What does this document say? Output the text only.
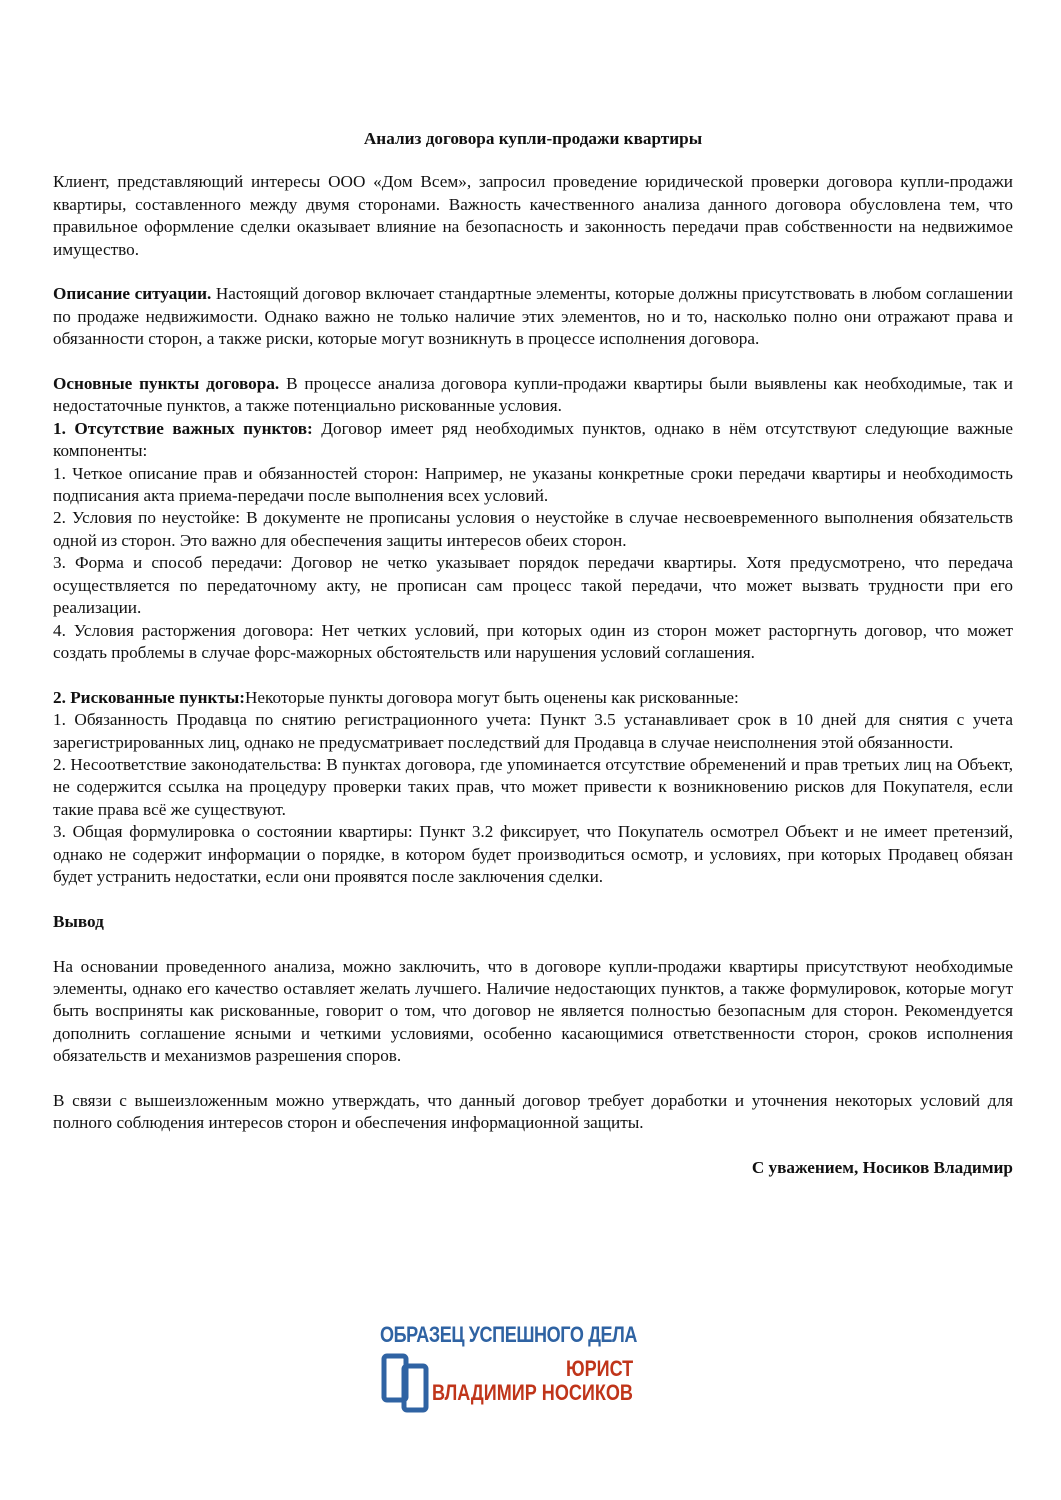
Анализ договора купли-продажи квартиры

Клиент, представляющий интересы ООО «Дом Всем», запросил проведение юридической проверки договора купли-продажи квартиры, составленного между двумя сторонами. Важность качественного анализа данного договора обусловлена тем, что правильное оформление сделки оказывает влияние на безопасность и законность передачи прав собственности на недвижимое имущество.

Описание ситуации. Настоящий договор включает стандартные элементы, которые должны присутствовать в любом соглашении по продаже недвижимости. Однако важно не только наличие этих элементов, но и то, насколько полно они отражают права и обязанности сторон, а также риски, которые могут возникнуть в процессе исполнения договора.

Основные пункты договора. В процессе анализа договора купли-продажи квартиры были выявлены как необходимые, так и недостаточные пунктов, а также потенциально рискованные условия.

1. Отсутствие важных пунктов: Договор имеет ряд необходимых пунктов, однако в нём отсутствуют следующие важные компоненты:

1. Четкое описание прав и обязанностей сторон: Например, не указаны конкретные сроки передачи квартиры и необходимость подписания акта приема-передачи после выполнения всех условий.

2. Условия по неустойке: В документе не прописаны условия о неустойке в случае несвоевременного выполнения обязательств одной из сторон. Это важно для обеспечения защиты интересов обеих сторон.

3. Форма и способ передачи: Договор не четко указывает порядок передачи квартиры. Хотя предусмотрено, что передача осуществляется по передаточному акту, не прописан сам процесс такой передачи, что может вызвать трудности при его реализации.

4. Условия расторжения договора: Нет четких условий, при которых один из сторон может расторгнуть договор, что может создать проблемы в случае форс-мажорных обстоятельств или нарушения условий соглашения.

2. Рискованные пункты:Некоторые пункты договора могут быть оценены как рискованные:

1. Обязанность Продавца по снятию регистрационного учета: Пункт 3.5 устанавливает срок в 10 дней для снятия с учета зарегистрированных лиц, однако не предусматривает последствий для Продавца в случае неисполнения этой обязанности.

2. Несоответствие законодательства: В пунктах договора, где упоминается отсутствие обременений и прав третьих лиц на Объект, не содержится ссылка на процедуру проверки таких прав, что может привести к возникновению рисков для Покупателя, если такие права всё же существуют.

3. Общая формулировка о состоянии квартиры: Пункт 3.2 фиксирует, что Покупатель осмотрел Объект и не имеет претензий, однако не содержит информации о порядке, в котором будет производиться осмотр, и условиях, при которых Продавец обязан будет устранить недостатки, если они проявятся после заключения сделки.

Вывод

На основании проведенного анализа, можно заключить, что в договоре купли-продажи квартиры присутствуют необходимые элементы, однако его качество оставляет желать лучшего. Наличие недостающих пунктов, а также формулировок, которые могут быть восприняты как рискованные, говорит о том, что договор не является полностью безопасным для сторон. Рекомендуется дополнить соглашение ясными и четкими условиями, особенно касающимися ответственности сторон, сроков исполнения обязательств и механизмов разрешения споров.

В связи с вышеизложенным можно утверждать, что данный договор требует доработки и уточнения некоторых условий для полного соблюдения интересов сторон и обеспечения информационной защиты.

С уважением, Носиков Владимир

ОБРАЗЕЦ УСПЕШНОГО ДЕЛА
ЮРИСТ
ВЛАДИМИР НОСИКОВ
